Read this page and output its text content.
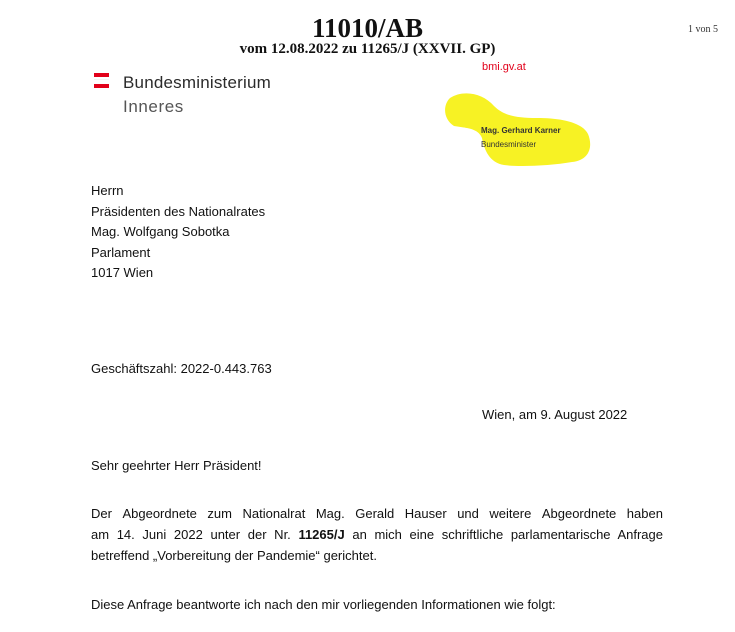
11010/AB
vom 12.08.2022 zu 11265/J (XXVII. GP)
1 von 5
Bundesministerium
Inneres
bmi.gv.at
Mag. Gerhard Karner
Bundesminister
Herrn
Präsidenten des Nationalrates
Mag. Wolfgang Sobotka
Parlament
1017 Wien
Geschäftszahl: 2022-0.443.763
Wien, am 9. August 2022
Sehr geehrter Herr Präsident!
Der Abgeordnete zum Nationalrat Mag. Gerald Hauser und weitere Abgeordnete haben
am 14. Juni 2022 unter der Nr. 11265/J an mich eine schriftliche parlamentarische Anfrage
betreffend „Vorbereitung der Pandemie“ gerichtet.
Diese Anfrage beantworte ich nach den mir vorliegenden Informationen wie folgt:
